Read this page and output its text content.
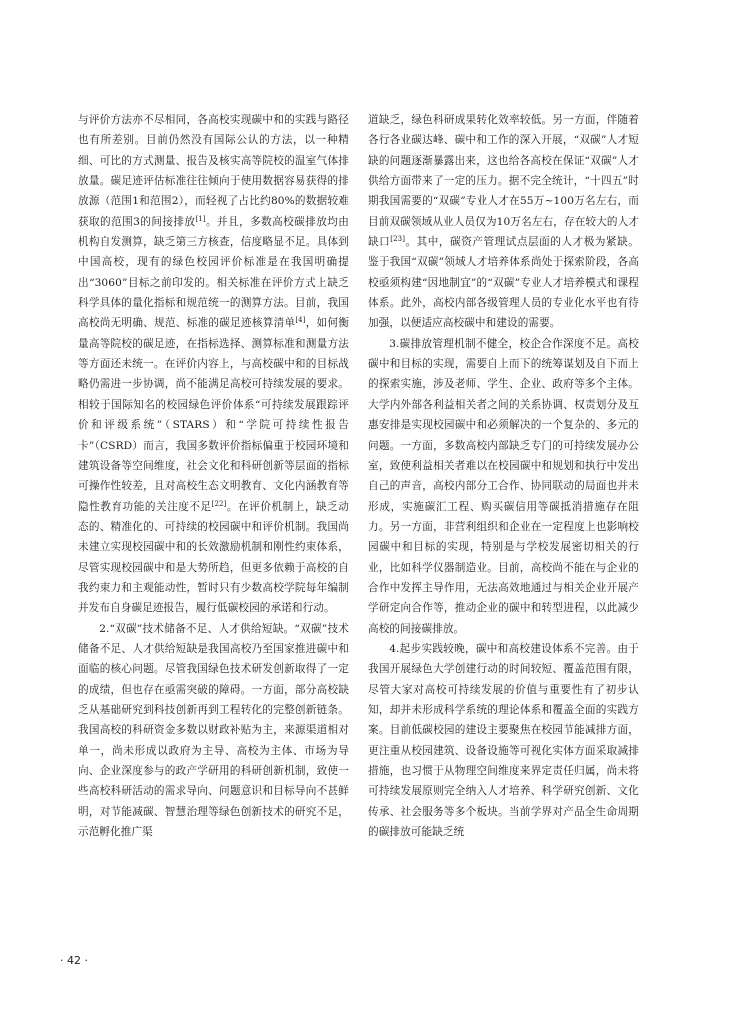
与评价方法亦不尽相同，各高校实现碳中和的实践与路径也有所差别。目前仍然没有国际公认的方法，以一种精细、可比的方式测量、报告及核实高等院校的温室气体排放量。碳足迹评估标准往往倾向于使用数据容易获得的排放源（范围1和范围2），而轻视了占比约80%的数据较难获取的范围3的间接排放[1]。并且，多数高校碳排放均由机构自发测算，缺乏第三方核查，信度略显不足。具体到中国高校，现有的绿色校园评价标准是在我国明确提出“3060”目标之前印发的。相关标准在评价方式上缺乏科学具体的量化指标和规范统一的测算方法。目前，我国高校尚无明确、规范、标准的碳足迹核算清单[4]，如何衡量高等院校的碳足迹，在指标选择、测算标准和测量方法等方面还未统一。在评价内容上，与高校碳中和的目标战略仍需进一步协调，尚不能满足高校可持续发展的要求。相较于国际知名的校园绿色评价体系“可持续发展跟踪评价和评级系统”（STARS）和“学院可持续性报告卡”（CSRD）而言，我国多数评价指标偏重于校园环境和建筑设备等空间维度，社会文化和科研创新等层面的指标可操作性较差，且对高校生态文明教育、文化内涵教育等隐性教育功能的关注度不足[22]。在评价机制上，缺乏动态的、精准化的、可持续的校园碳中和评价机制。我国尚未建立实现校园碳中和的长效激励机制和刚性约束体系，尽管实现校园碳中和是大势所趋，但更多依赖于高校的自我约束力和主观能动性，暂时只有少数高校学院每年编制并发布自身碳足迹报告，履行低碳校园的承诺和行动。

2.“双碳”技术储备不足、人才供给短缺。“双碳”技术储备不足、人才供给短缺是我国高校乃至国家推进碳中和面临的核心问题。尽管我国绿色技术研发创新取得了一定的成绩，但也存在亟需突破的障碍。一方面，部分高校缺乏从基础研究到科技创新再到工程转化的完整创新链条。我国高校的科研资金多数以财政补贴为主，来源渠道相对单一，尚未形成以政府为主导、高校为主体、市场为导向、企业深度参与的政产学研用的科研创新机制，致使一些高校科研活动的需求导向、问题意识和目标导向不甚鲜明，对节能减碳、智慧治理等绿色创新技术的研究不足，示范孵化推广渠

道缺乏，绿色科研成果转化效率较低。另一方面，伴随着各行各业碳达峰、碳中和工作的深入开展，“双碳”人才短缺的问题逐渐暴露出来，这也给各高校在保证“双碳”人才供给方面带来了一定的压力。据不完全统计，“十四五”时期我国需要的“双碳”专业人才在55万~100万名左右，而目前双碳领域从业人员仅为10万名左右，存在较大的人才缺口[23]。其中，碳资产管理试点层面的人才极为紧缺。鉴于我国“双碳”领域人才培养体系尚处于探索阶段，各高校亟须构建“因地制宜”的“双碳”专业人才培养模式和课程体系。此外，高校内部各级管理人员的专业化水平也有待加强，以便适应高校碳中和建设的需要。

3.碳排放管理机制不健全，校企合作深度不足。高校碳中和目标的实现，需要自上而下的统筹谋划及自下而上的探索实施，涉及老师、学生、企业、政府等多个主体。大学内外部各利益相关者之间的关系协调、权责划分及互惠安排是实现校园碳中和必须解决的一个复杂的、多元的问题。一方面，多数高校内部缺乏专门的可持续发展办公室，致使利益相关者难以在校园碳中和规划和执行中发出自己的声音，高校内部分工合作、协同联动的局面也并未形成，实施碳汇工程、购买碳信用等碳抵消措施存在阻力。另一方面，非营利组织和企业在一定程度上也影响校园碳中和目标的实现，特别是与学校发展密切相关的行业，比如科学仪器制造业。目前，高校尚不能在与企业的合作中发挥主导作用，无法高效地通过与相关企业开展产学研定向合作等，推动企业的碳中和转型进程，以此减少高校的间接碳排放。

4.起步实践较晚，碳中和高校建设体系不完善。由于我国开展绿色大学创建行动的时间较短、覆盖范围有限，尽管大家对高校可持续发展的价值与重要性有了初步认知，却并未形成科学系统的理论体系和覆盖全面的实践方案。目前低碳校园的建设主要聚焦在校园节能减排方面，更注重从校园建筑、设备设施等可视化实体方面采取减排措施，也习惯于从物理空间维度来界定责任归属，尚未将可持续发展原则完全纳入人才培养、科学研究创新、文化传承、社会服务等多个板块。当前学界对产品全生命周期的碳排放可能缺乏统

· 42 ·
